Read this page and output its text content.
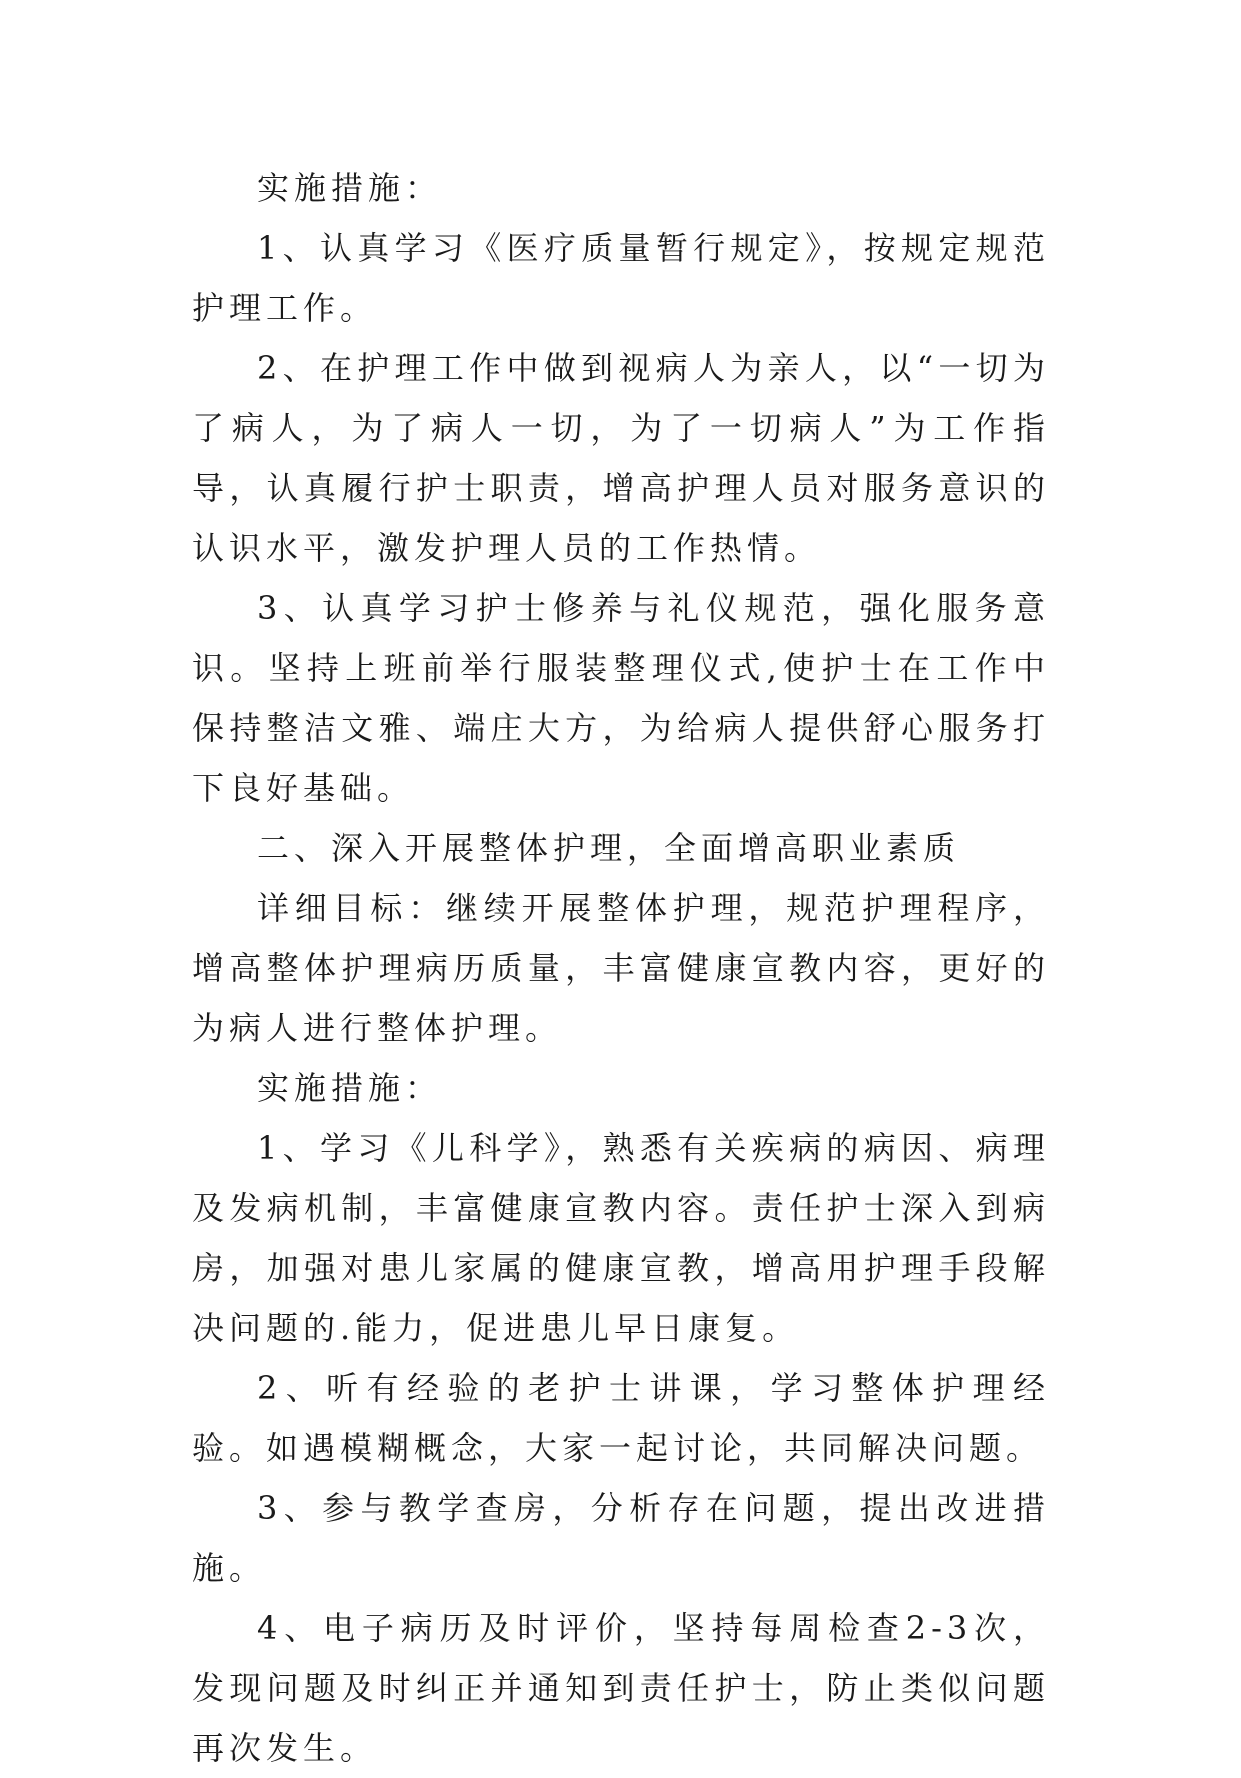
实施措施：

1、认真学习《医疗质量暂行规定》，按规定规范护理工作。

2、在护理工作中做到视病人为亲人，以“一切为了病人，为了病人一切，为了一切病人”为工作指导，认真履行护士职责，增高护理人员对服务意识的认识水平，激发护理人员的工作热情。

3、认真学习护士修养与礼仪规范，强化服务意识。坚持上班前举行服装整理仪式,使护士在工作中保持整洁文雅、端庄大方，为给病人提供舒心服务打下良好基础。

二、深入开展整体护理，全面增高职业素质

详细目标：继续开展整体护理，规范护理程序，增高整体护理病历质量，丰富健康宣教内容，更好的为病人进行整体护理。

实施措施：

1、学习《儿科学》，熟悉有关疾病的病因、病理及发病机制，丰富健康宣教内容。责任护士深入到病房，加强对患儿家属的健康宣教，增高用护理手段解决问题的.能力，促进患儿早日康复。

2、听有经验的老护士讲课，学习整体护理经验。如遇模糊概念，大家一起讨论，共同解决问题。

3、参与教学查房，分析存在问题，提出改进措施。

4、电子病历及时评价，坚持每周检查2-3次，发现问题及时纠正并通知到责任护士，防止类似问题再次发生。
